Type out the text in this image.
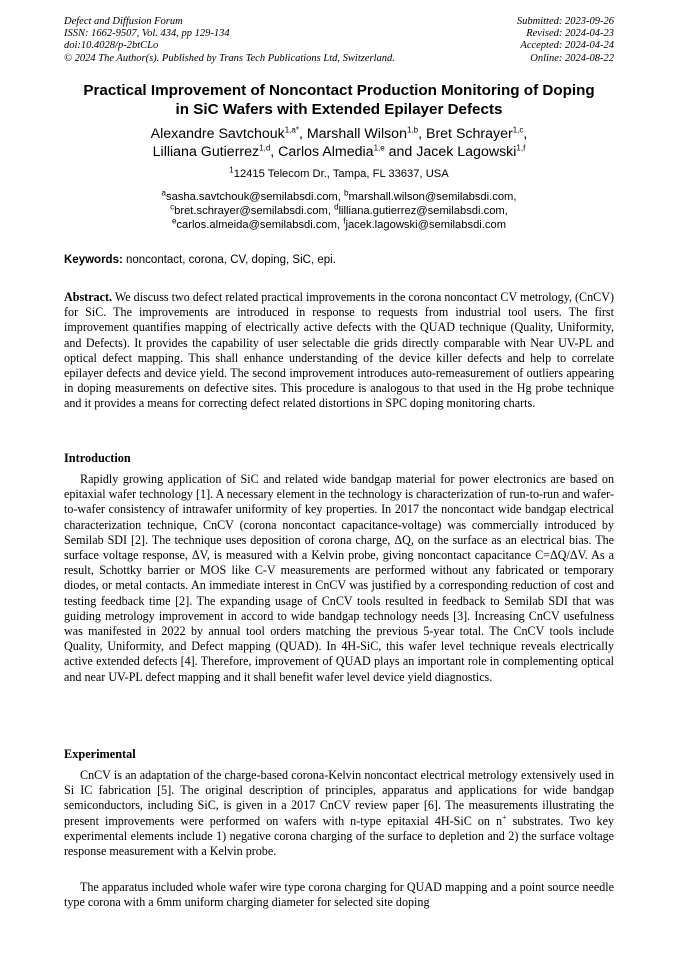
Defect and Diffusion Forum
ISSN: 1662-9507, Vol. 434, pp 129-134
doi:10.4028/p-2btCLo
© 2024 The Author(s). Published by Trans Tech Publications Ltd, Switzerland.
Submitted: 2023-09-26
Revised: 2024-04-23
Accepted: 2024-04-24
Online: 2024-08-22
Practical Improvement of Noncontact Production Monitoring of Doping
in SiC Wafers with Extended Epilayer Defects
Alexandre Savtchouk$^{1,a*}$, Marshall Wilson$^{1,b}$, Bret Schrayer$^{1,c}$,
Lilliana Gutierrez$^{1,d}$, Carlos Almedia$^{1,e}$ and Jacek Lagowski$^{1,f}$
$^1$12415 Telecom Dr., Tampa, FL 33637, USA
$^a$sasha.savtchouk@semilabsdi.com, $^b$marshall.wilson@semilabsdi.com,
$^c$bret.schrayer@semilabsdi.com, $^d$lilliana.gutierrez@semilabsdi.com,
$^e$carlos.almeida@semilabsdi.com, $^f$jacek.lagowski@semilabsdi.com
Keywords: noncontact, corona, CV, doping, SiC, epi.
Abstract. We discuss two defect related practical improvements in the corona noncontact CV metrology, (CnCV) for SiC. The improvements are introduced in response to requests from industrial tool users. The first improvement quantifies mapping of electrically active defects with the QUAD technique (Quality, Uniformity, and Defects). It provides the capability of user selectable die grids directly comparable with Near UV-PL and optical defect mapping. This shall enhance understanding of the device killer defects and help to correlate epilayer defects and device yield. The second improvement introduces auto-remeasurement of outliers appearing in doping measurements on defective sites. This procedure is analogous to that used in the Hg probe technique and it provides a means for correcting defect related distortions in SPC doping monitoring charts.
Introduction
Rapidly growing application of SiC and related wide bandgap material for power electronics are based on epitaxial wafer technology [1]. A necessary element in the technology is characterization of run-to-run and wafer-to-wafer consistency of intrawafer uniformity of key properties. In 2017 the noncontact wide bandgap electrical characterization technique, CnCV (corona noncontact capacitance-voltage) was commercially introduced by Semilab SDI [2]. The technique uses deposition of corona charge, ΔQ, on the surface as an electrical bias. The surface voltage response, ΔV, is measured with a Kelvin probe, giving noncontact capacitance C=ΔQ/ΔV. As a result, Schottky barrier or MOS like C-V measurements are performed without any fabricated or temporary diodes, or metal contacts. An immediate interest in CnCV was justified by a corresponding reduction of cost and testing feedback time [2]. The expanding usage of CnCV tools resulted in feedback to Semilab SDI that was guiding metrology improvement in accord to wide bandgap technology needs [3]. Increasing CnCV usefulness was manifested in 2022 by annual tool orders matching the previous 5-year total. The CnCV tools include Quality, Uniformity, and Defect mapping (QUAD). In 4H-SiC, this wafer level technique reveals electrically active extended defects [4]. Therefore, improvement of QUAD plays an important role in complementing optical and near UV-PL defect mapping and it shall benefit wafer level device yield diagnostics.
Experimental
CnCV is an adaptation of the charge-based corona-Kelvin noncontact electrical metrology extensively used in Si IC fabrication [5]. The original description of principles, apparatus and applications for wide bandgap semiconductors, including SiC, is given in a 2017 CnCV review paper [6]. The measurements illustrating the present improvements were performed on wafers with n-type epitaxial 4H-SiC on n+ substrates. Two key experimental elements include 1) negative corona charging of the surface to depletion and 2) the surface voltage response measurement with a Kelvin probe.
The apparatus included whole wafer wire type corona charging for QUAD mapping and a point source needle type corona with a 6mm uniform charging diameter for selected site doping
